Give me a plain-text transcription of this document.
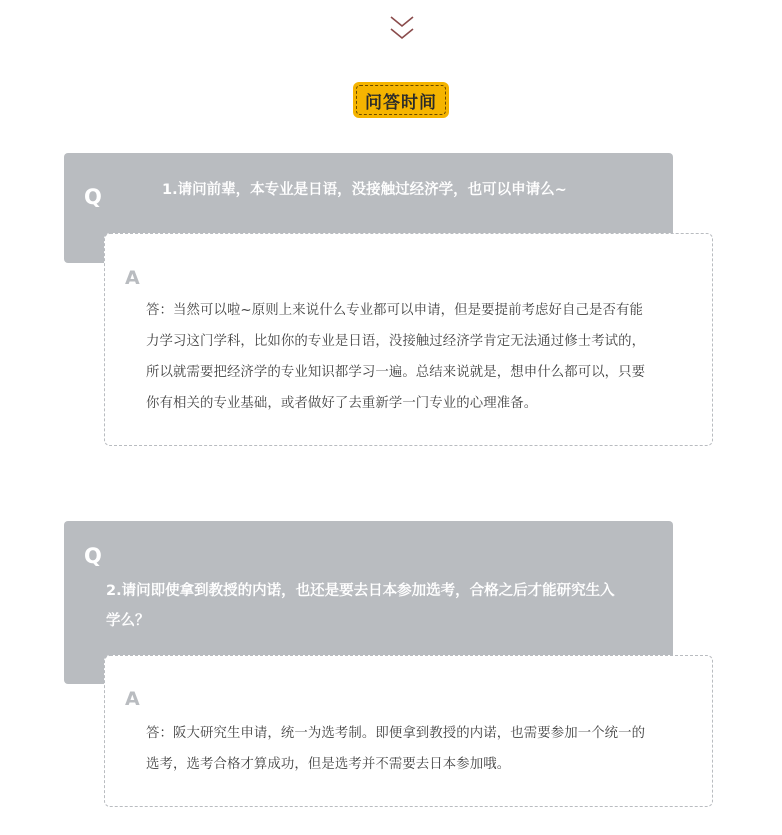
问答时间
Q	1.请问前辈，本专业是日语，没接触过经济学，也可以申请么~
A
答：当然可以啦~原则上来说什么专业都可以申请，但是要提前考虑好自己是否有能
力学习这门学科，比如你的专业是日语，没接触过经济学肯定无法通过修士考试的，
所以就需要把经济学的专业知识都学习一遍。总结来说就是，想申什么都可以，只要
你有相关的专业基础，或者做好了去重新学一门专业的心理准备。
Q
2.请问即使拿到教授的内诺，也还是要去日本参加选考，合格之后才能研究生入
学么？
A
答：阪大研究生申请，统一为选考制。即便拿到教授的内诺，也需要参加一个统一的
选考，选考合格才算成功，但是选考并不需要去日本参加哦。
